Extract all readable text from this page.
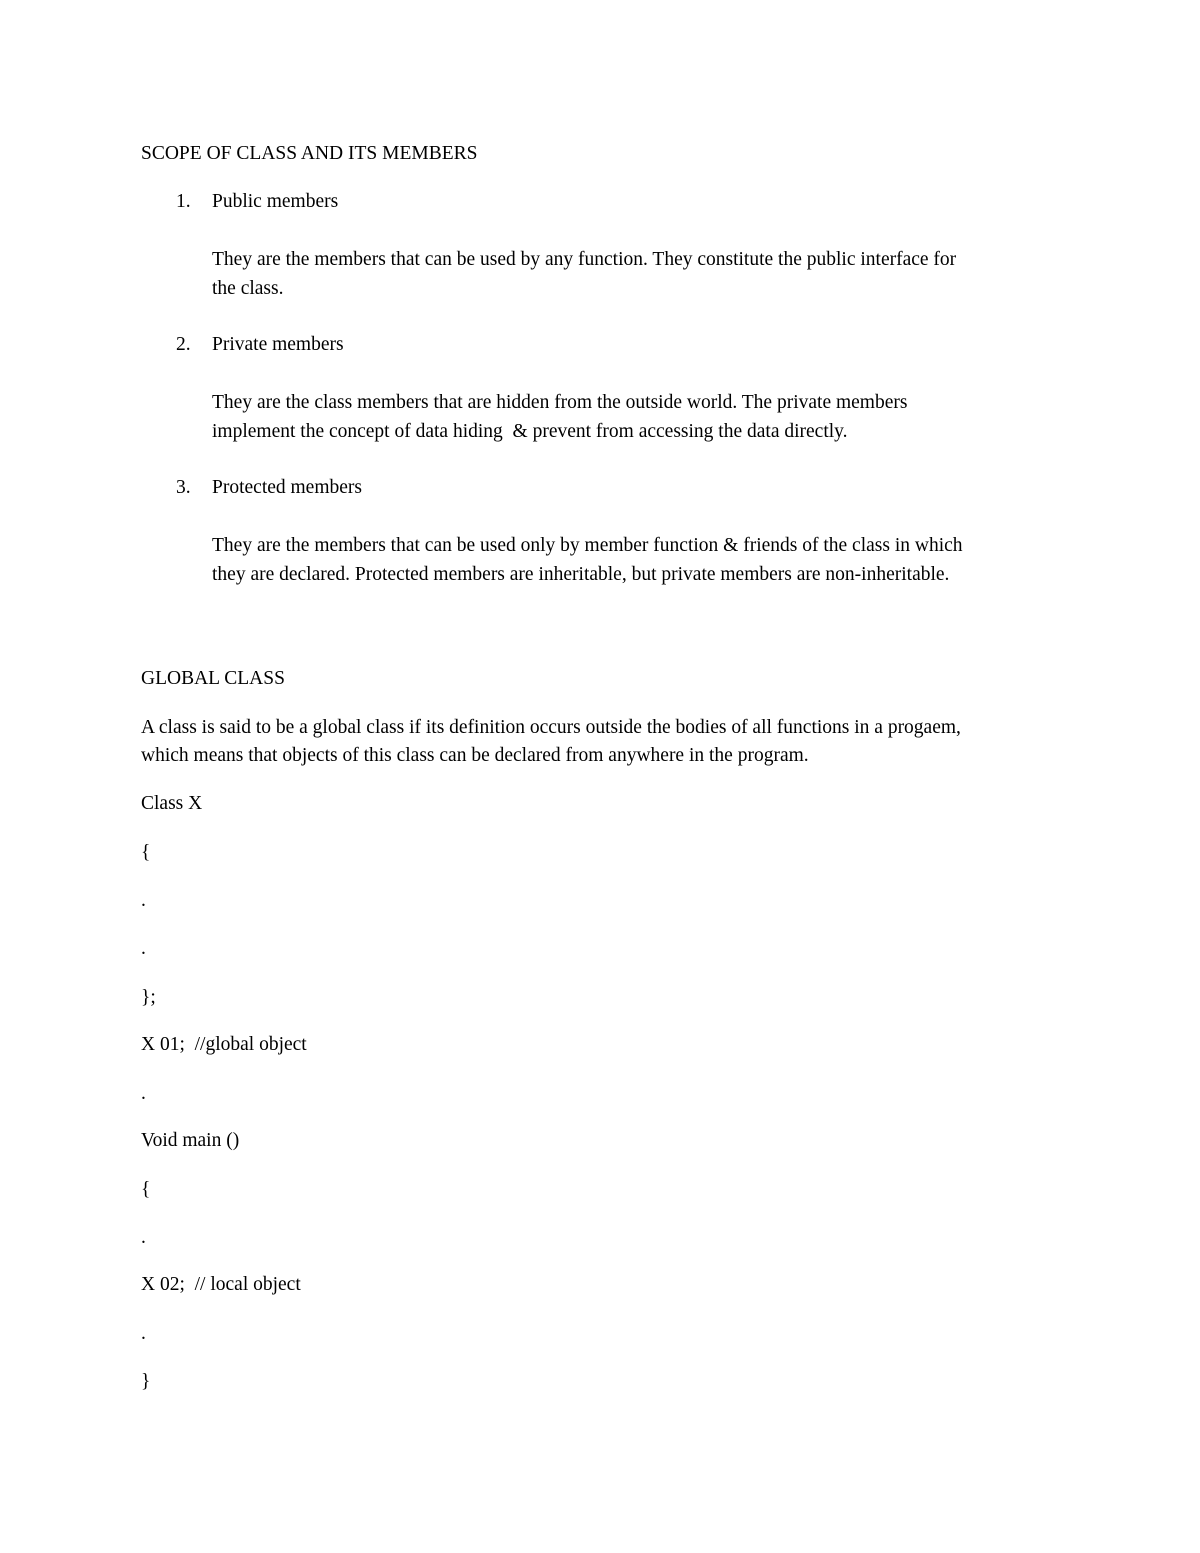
SCOPE OF CLASS AND ITS MEMBERS
1. Public members
They are the members that can be used by any function. They constitute the public interface for
the class.
2. Private members
They are the class members that are hidden from the outside world. The private members
implement the concept of data hiding  & prevent from accessing the data directly.
3. Protected members
They are the members that can be used only by member function & friends of the class in which
they are declared. Protected members are inheritable, but private members are non-inheritable.
GLOBAL CLASS
A class is said to be a global class if its definition occurs outside the bodies of all functions in a progaem,
which means that objects of this class can be declared from anywhere in the program.
Class X
{
.
.
};
X 01;  //global object
.
Void main ()
{
.
X 02;  // local object
.
}
